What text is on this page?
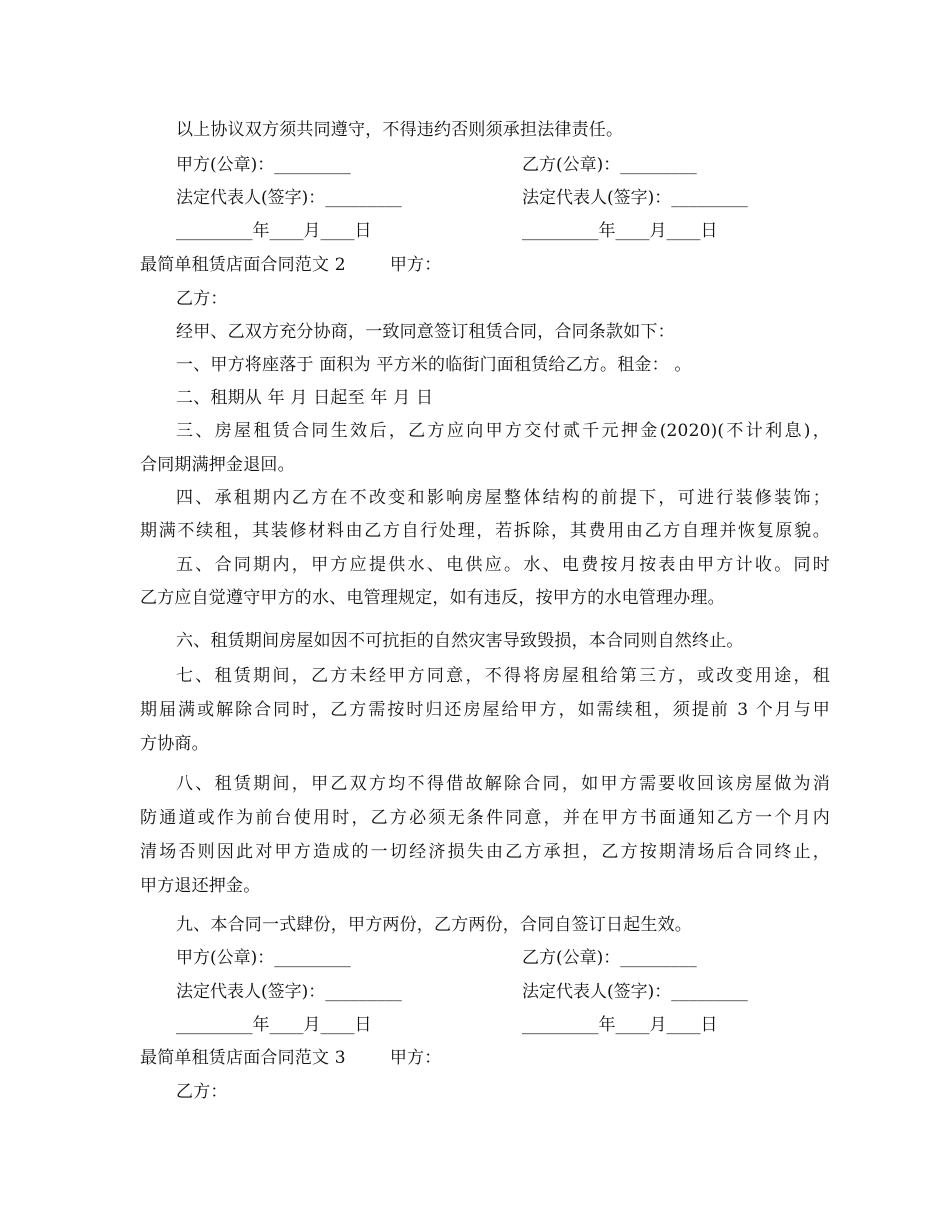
以上协议双方须共同遵守，不得违约否则须承担法律责任。
甲方(公章)：_________	乙方(公章)：_________
法定代表人(签字)：_________	法定代表人(签字)：_________
_________年____月____日	_________年____月____日
最简单租赁店面合同范文 2	甲方：
乙方：
经甲、乙双方充分协商，一致同意签订租赁合同，合同条款如下：
一、甲方将座落于 面积为 平方米的临街门面租赁给乙方。租金： 。
二、租期从 年 月 日起至 年 月 日
三、房屋租赁合同生效后，乙方应向甲方交付贰千元押金(2020)(不计利息)，
合同期满押金退回。
四、承租期内乙方在不改变和影响房屋整体结构的前提下，可进行装修装饰；
期满不续租，其装修材料由乙方自行处理，若拆除，其费用由乙方自理并恢复原貌。
五、合同期内，甲方应提供水、电供应。水、电费按月按表由甲方计收。同时
乙方应自觉遵守甲方的水、电管理规定，如有违反，按甲方的水电管理办理。
六、租赁期间房屋如因不可抗拒的自然灾害导致毁损，本合同则自然终止。
七、租赁期间，乙方未经甲方同意，不得将房屋租给第三方，或改变用途，租
期届满或解除合同时，乙方需按时归还房屋给甲方，如需续租，须提前 3 个月与甲
方协商。
八、租赁期间，甲乙双方均不得借故解除合同，如甲方需要收回该房屋做为消
防通道或作为前台使用时，乙方必须无条件同意，并在甲方书面通知乙方一个月内
清场否则因此对甲方造成的一切经济损失由乙方承担，乙方按期清场后合同终止，
甲方退还押金。
九、本合同一式肆份，甲方两份，乙方两份，合同自签订日起生效。
甲方(公章)：_________	乙方(公章)：_________
法定代表人(签字)：_________	法定代表人(签字)：_________
_________年____月____日	_________年____月____日
最简单租赁店面合同范文 3	甲方：
乙方：
